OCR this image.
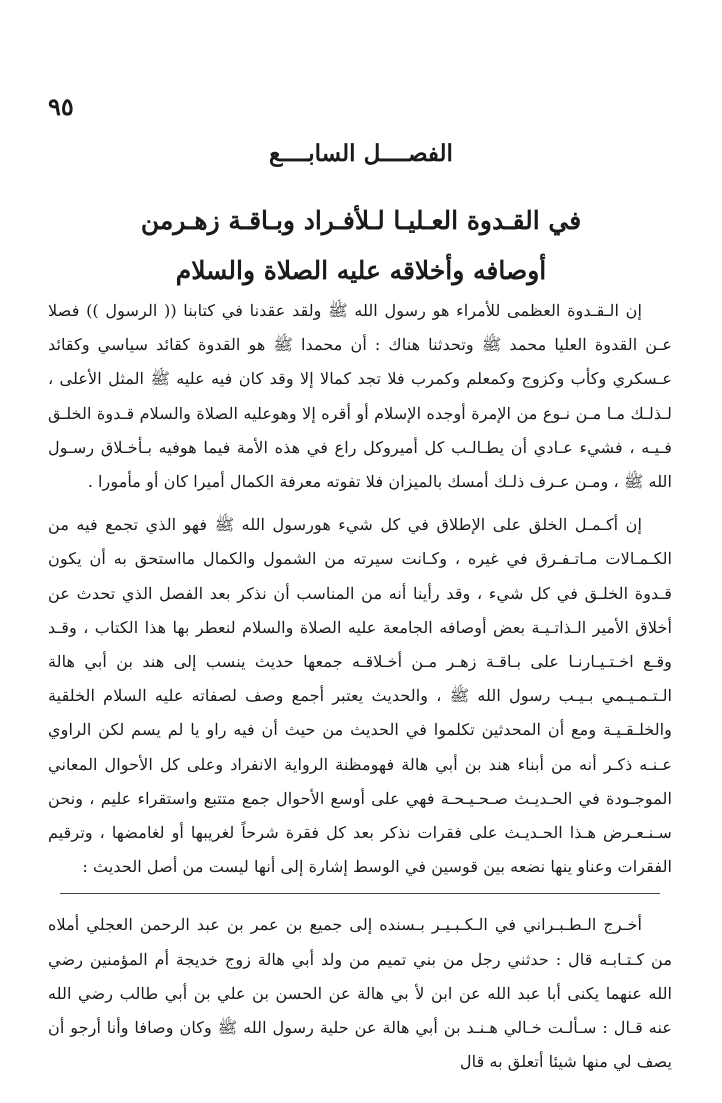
٩٥
الفصــــل السابــــع
في القـدوة العـليـا لـلأفـراد وبـاقـة زهـرمن
أوصافه وأخلاقه عليه الصلاة والسلام

إن الـقـدوة العظمى للأمراء هو رسول الله ﷺ ولقد عقدنا في كتابنا (( الرسول )) فصلا عـن القدوة العليا محمد ﷺ وتحدثنا هناك : أن محمدا ﷺ هو القدوة كقائد سياسي وكقائد عـسكري وكأب وكزوج وكمعلم وكمرب فلا تجد كمالا إلا وقد كان فيه عليه ﷺ المثل الأعلى ، لـذلـك مـا مـن نـوع من الإمرة أوجده الإسلام أو أقره إلا وهوعليه الصلاة والسلام قـدوة الخلـق فـيـه ، فشيء عـادي أن يطـالـب كل أميروكل راع في هذه الأمة فيما هوفيه بـأخـلاق رسـول الله ﷺ ، ومـن عـرف ذلـك أمسك بالميزان فلا تفوته معرفة الكمال أميرا كان أو مأمورا .

إن أكـمـل الخلق على الإطلاق في كل شيء هورسول الله ﷺ فهو الذي تجمع فيه من الكـمـالات مـاتـفـرق في غيره ، وكـانت سيرته من الشمول والكمال مااستحق به أن يكون قـدوة الخلـق في كل شيء ، وقد رأينا أنه من المناسب أن نذكر بعد الفصل الذي تحدث عن أخلاق الأمير الـذاتـيـة بعض أوصافه الجامعة عليه الصلاة والسلام لنعطر بها هذا الكتاب ، وقـد وقـع اخـتـيـارنـا على بـاقـة زهـر مـن أخـلاقـه جمعها حديث ينسب إلى هند بن أبي هالة الـتـمـيـمي بـيـب رسول الله ﷺ ، والحديث يعتبر أجمع وصف لصفاته عليه السلام الخلقية والخلـقـيـة ومع أن المحدثين تكلموا في الحديث من حيث أن فيه راو يا لم يسم لكن الراوي عـنـه ذكـر أنه من أبناء هند بن أبي هالة فهومظنة الرواية الانفراد وعلى كل الأحوال المعاني الموجـودة في الحـديـث صـحـيـحـة فهي على أوسع الأحوال جمع متتبع واستقراء عليم ، ونحن سـنـعـرض هـذا الحـديـث على فقرات نذكر بعد كل فقرة شرحاً لغريبها أو لغامضها ، وترقيم الفقرات وعناو ينها نضعه بين قوسين في الوسط إشارة إلى أنها ليست من أصل الحديث :

أخـرج الـطـبـراني في الـكـبـيـر بـسنده إلى جميع بن عمر بن عبد الرحمن العجلي أملاه من كـتـابـه قال : حدثني رجل من بني تميم من ولد أبي هالة زوج خديجة أم المؤمنين رضي الله عنهما يكنى أبا عبد الله عن ابن لأ بي هالة عن الحسن بن علي بن أبي طالب رضي الله عنه قـال : سـألـت خـالي هـنـد بن أبي هالة عن حلية رسول الله ﷺ وكان وصافا وأنا أرجو أن يصف لي منها شيئا أتعلق به قال
